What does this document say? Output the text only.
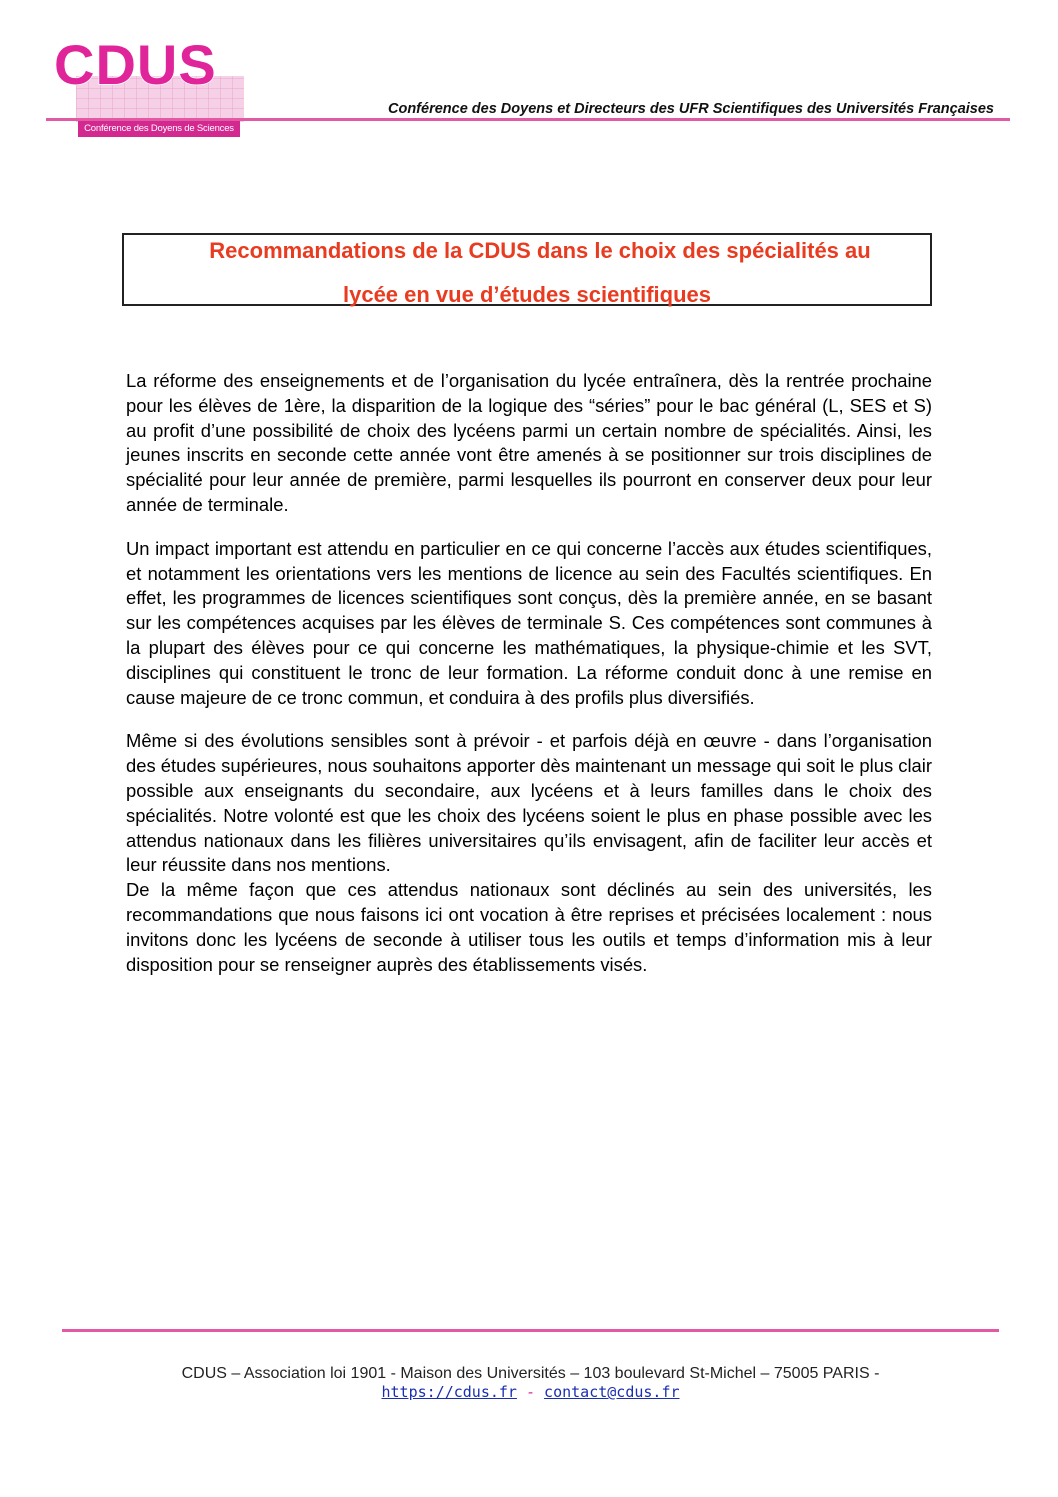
CDUS
Conférence des Doyens de Sciences
Conférence des Doyens et Directeurs des UFR Scientifiques des Universités Françaises
Recommandations de la CDUS dans le choix des spécialités au
lycée en vue d’études scientifiques

La réforme des enseignements et de l’organisation du lycée entraînera, dès la rentrée prochaine pour les élèves de 1ère, la disparition de la logique des “séries” pour le bac général (L, SES et S) au profit d’une possibilité de choix des lycéens parmi un certain nombre de spécialités. Ainsi, les jeunes inscrits en seconde cette année vont être amenés à se positionner sur trois disciplines de spécialité pour leur année de première, parmi lesquelles ils pourront en conserver deux pour leur année de terminale.

Un impact important est attendu en particulier en ce qui concerne l’accès aux études scientifiques, et notamment les orientations vers les mentions de licence au sein des Facultés scientifiques. En effet, les programmes de licences scientifiques sont conçus, dès la première année, en se basant sur les compétences acquises par les élèves de terminale S. Ces compétences sont communes à la plupart des élèves pour ce qui concerne les mathématiques, la physique-chimie et les SVT, disciplines qui constituent le tronc de leur formation. La réforme conduit donc à une remise en cause majeure de ce tronc commun, et conduira à des profils plus diversifiés.

Même si des évolutions sensibles sont à prévoir - et parfois déjà en œuvre - dans l’organisation des études supérieures, nous souhaitons apporter dès maintenant un message qui soit le plus clair possible aux enseignants du secondaire, aux lycéens et à leurs familles dans le choix des spécialités. Notre volonté est que les choix des lycéens soient le plus en phase possible avec les attendus nationaux dans les filières universitaires qu’ils envisagent, afin de faciliter leur accès et leur réussite dans nos mentions.

De la même façon que ces attendus nationaux sont déclinés au sein des universités, les recommandations que nous faisons ici ont vocation à être reprises et précisées localement : nous invitons donc les lycéens de seconde à utiliser tous les outils et temps d’information mis à leur disposition pour se renseigner auprès des établissements visés.

CDUS – Association loi 1901 - Maison des Universités – 103 boulevard St-Michel – 75005 PARIS -
https://cdus.fr - contact@cdus.fr
